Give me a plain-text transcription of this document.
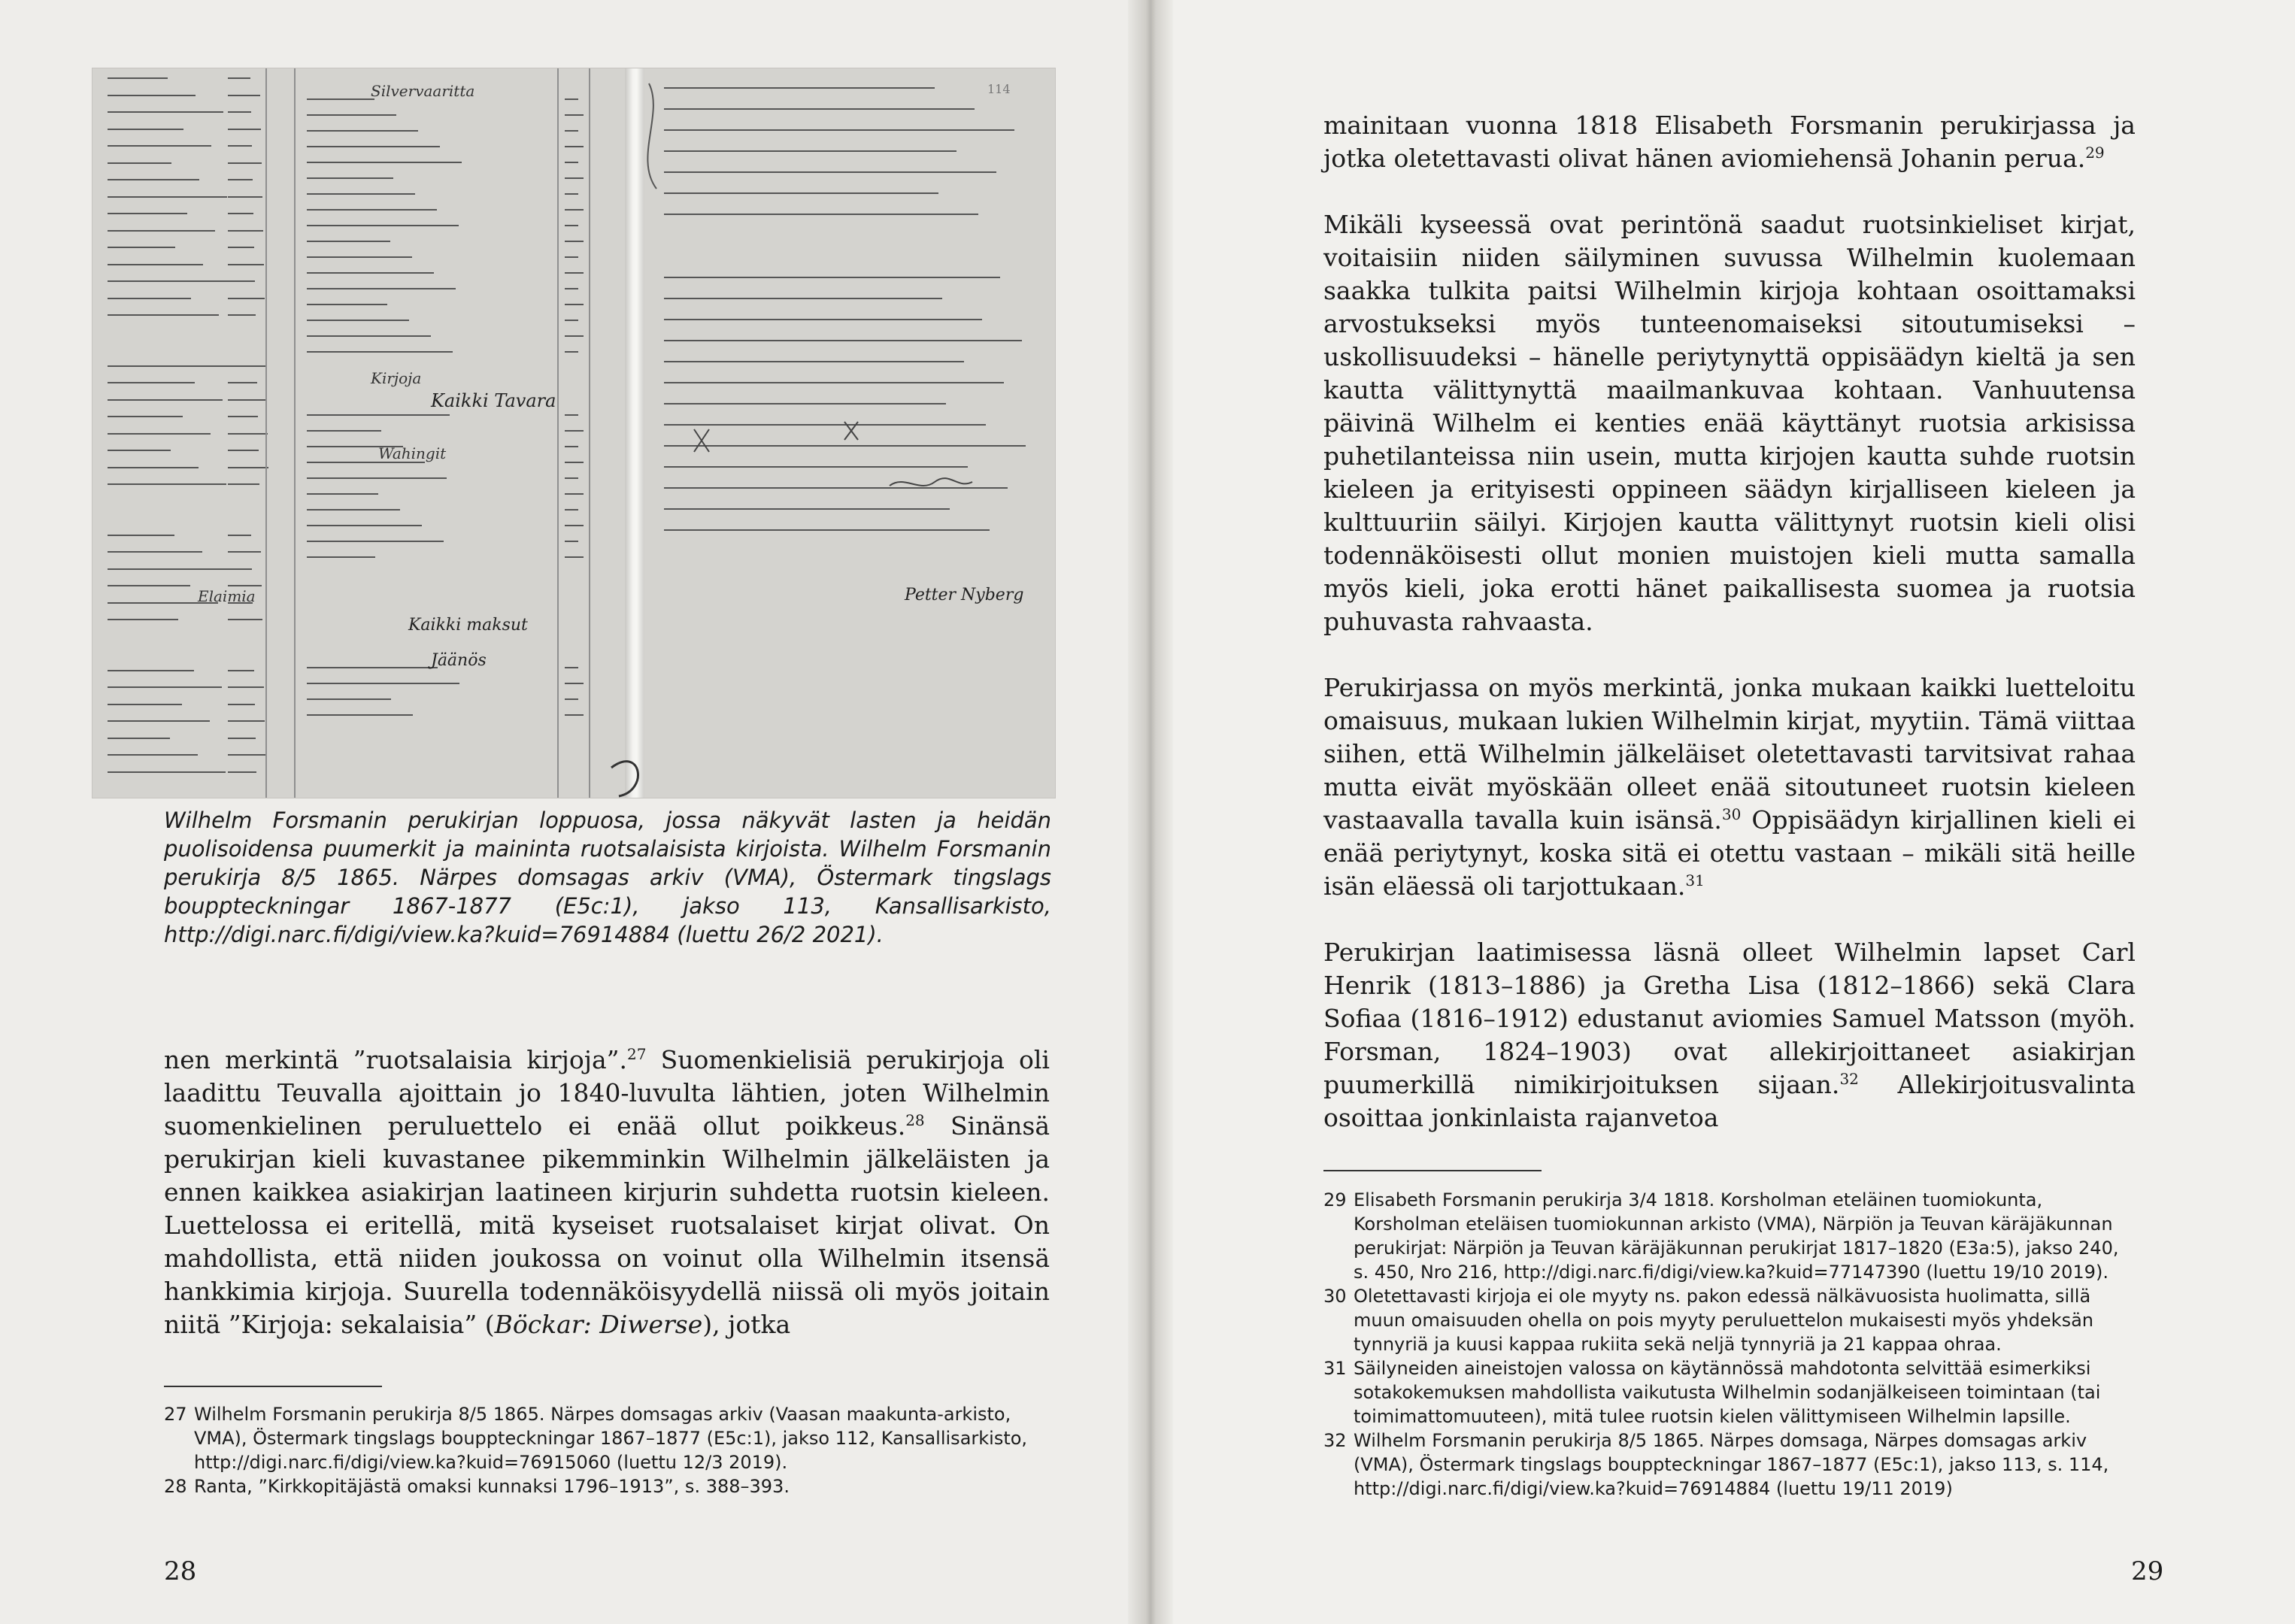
Silvervaaritta
Elaimia
Kirjoja
Kaikki Tavara
Wahingit
Kaikki maksut
Jäänös
Petter Nyberg
114

Wilhelm Forsmanin perukirjan loppuosa, jossa näkyvät lasten ja heidän puolisoidensa puumerkit ja maininta ruotsalaisista kirjoista. Wilhelm Forsmanin perukirja 8/5 1865. Närpes domsagas arkiv (VMA), Östermark tingslags bouppteckningar 1867-1877 (E5c:1), jakso 113, Kansallisarkisto, http://digi.narc.fi/digi/view.ka?kuid=76914884 (luettu 26/2 2021).

nen merkintä ”ruotsalaisia kirjoja”.$^{27}$ Suomenkielisiä perukirjoja oli laadittu Teuvalla ajoittain jo 1840-luvulta lähtien, joten Wilhelmin suomenkielinen peruluettelo ei enää ollut poikkeus.$^{28}$ Sinänsä perukirjan kieli kuvastanee pikemminkin Wilhelmin jälkeläisten ja ennen kaikkea asiakirjan laatineen kirjurin suhdetta ruotsin kieleen. Luettelossa ei eritellä, mitä kyseiset ruotsalaiset kirjat olivat. On mahdollista, että niiden joukossa on voinut olla Wilhelmin itsensä hankkimia kirjoja. Suurella todennäköisyydellä niissä oli myös joitain niitä ”Kirjoja: sekalaisia” (Böckar: Diwerse), jotka

27 Wilhelm Forsmanin perukirja 8/5 1865. Närpes domsagas arkiv (Vaasan maakunta-arkisto, VMA), Östermark tingslags bouppteckningar 1867–1877 (E5c:1), jakso 112, Kansallisarkisto, http://digi.narc.fi/digi/view.ka?kuid=76915060 (luettu 12/3 2019).
28 Ranta, ”Kirkkopitäjästä omaksi kunnaksi 1796–1913”, s. 388–393.
28

mainitaan vuonna 1818 Elisabeth Forsmanin perukirjassa ja jotka oletettavasti olivat hänen aviomiehensä Johanin perua.$^{29}$

Mikäli kyseessä ovat perintönä saadut ruotsinkieliset kirjat, voitaisiin niiden säilyminen suvussa Wilhelmin kuolemaan saakka tulkita paitsi Wilhelmin kirjoja kohtaan osoittamaksi arvostukseksi myös tunteenomaiseksi sitoutumiseksi – uskollisuudeksi – hänelle periytynyttä oppisäädyn kieltä ja sen kautta välittynyttä maailmankuvaa kohtaan. Vanhuutensa päivinä Wilhelm ei kenties enää käyttänyt ruotsia arkisissa puhetilanteissa niin usein, mutta kirjojen kautta suhde ruotsin kieleen ja erityisesti oppineen säädyn kirjalliseen kieleen ja kulttuuriin säilyi. Kirjojen kautta välittynyt ruotsin kieli olisi todennäköisesti ollut monien muistojen kieli mutta samalla myös kieli, joka erotti hänet paikallisesta suomea ja ruotsia puhuvasta rahvaasta.

Perukirjassa on myös merkintä, jonka mukaan kaikki luetteloitu omaisuus, mukaan lukien Wilhelmin kirjat, myytiin. Tämä viittaa siihen, että Wilhelmin jälkeläiset oletettavasti tarvitsivat rahaa mutta eivät myöskään olleet enää sitoutuneet ruotsin kieleen vastaavalla tavalla kuin isänsä.$^{30}$ Oppisäädyn kirjallinen kieli ei enää periytynyt, koska sitä ei otettu vastaan – mikäli sitä heille isän eläessä oli tarjottukaan.$^{31}$

Perukirjan laatimisessa läsnä olleet Wilhelmin lapset Carl Henrik (1813–1886) ja Gretha Lisa (1812–1866) sekä Clara Sofiaa (1816–1912) edustanut aviomies Samuel Matsson (myöh. Forsman, 1824–1903) ovat allekirjoittaneet asiakirjan puumerkillä nimikirjoituksen sijaan.$^{32}$ Allekirjoitusvalinta osoittaa jonkinlaista rajanvetoa

29 Elisabeth Forsmanin perukirja 3/4 1818. Korsholman eteläinen tuomiokunta, Korsholman eteläisen tuomiokunnan arkisto (VMA), Närpiön ja Teuvan käräjäkunnan perukirjat: Närpiön ja Teuvan käräjäkunnan perukirjat 1817–1820 (E3a:5), jakso 240, s. 450, Nro 216, http://digi.narc.fi/digi/view.ka?kuid=77147390 (luettu 19/10 2019).
30 Oletettavasti kirjoja ei ole myyty ns. pakon edessä nälkävuosista huolimatta, sillä muun omaisuuden ohella on pois myyty peruluettelon mukaisesti myös yhdeksän tynnyriä ja kuusi kappaa rukiita sekä neljä tynnyriä ja 21 kappaa ohraa.
31 Säilyneiden aineistojen valossa on käytännössä mahdotonta selvittää esimerkiksi sotakokemuksen mahdollista vaikutusta Wilhelmin sodanjälkeiseen toimintaan (tai toimimattomuuteen), mitä tulee ruotsin kielen välittymiseen Wilhelmin lapsille.
32 Wilhelm Forsmanin perukirja 8/5 1865. Närpes domsaga, Närpes domsagas arkiv (VMA), Östermark tingslags bouppteckningar 1867–1877 (E5c:1), jakso 113, s. 114, http://digi.narc.fi/digi/view.ka?kuid=76914884 (luettu 19/11 2019)
29
